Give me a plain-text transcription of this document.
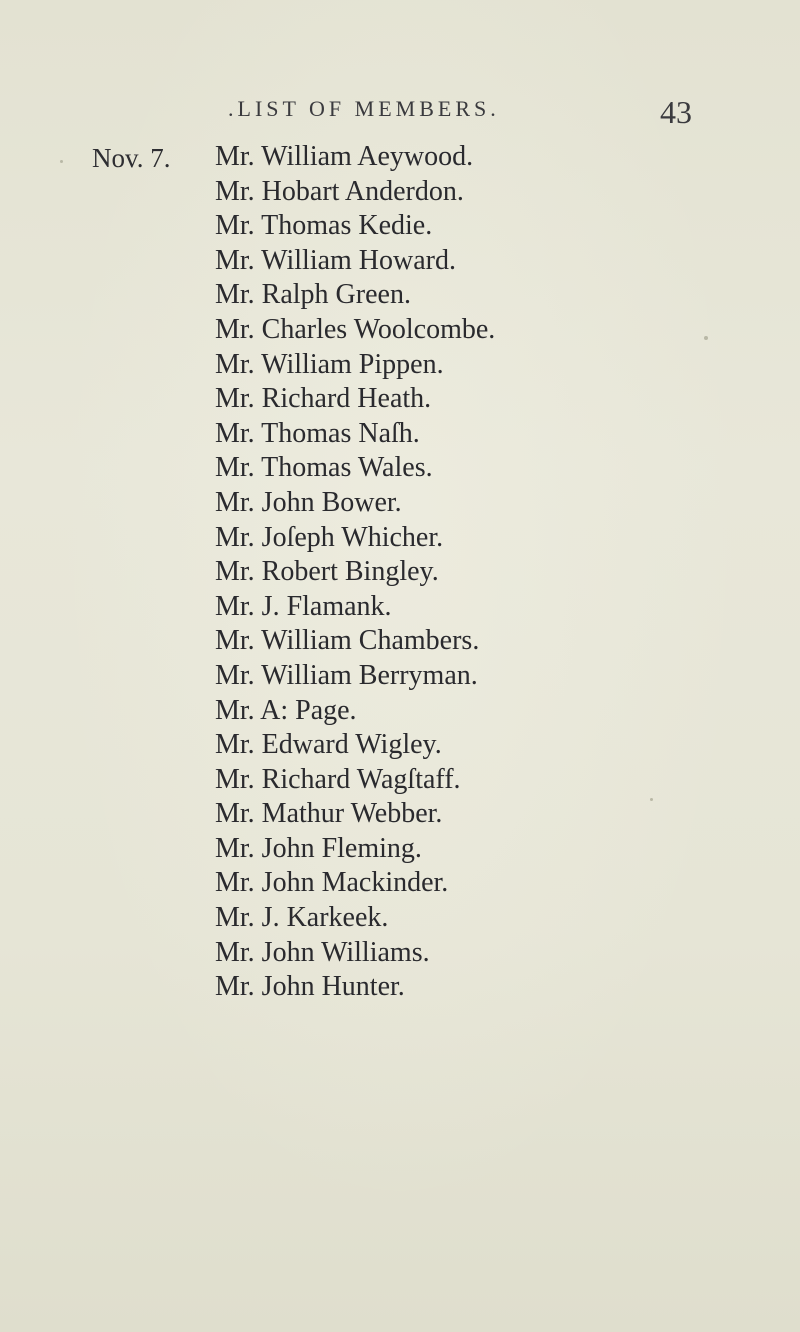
.LIST OF MEMBERS.	43
Nov. 7. Mr. William Aeywood.
Mr. Hobart Anderdon.
Mr. Thomas Kedie.
Mr. William Howard.
Mr. Ralph Green.
Mr. Charles Woolcombe.
Mr. William Pippen.
Mr. Richard Heath.
Mr. Thomas Naſh.
Mr. Thomas Wales.
Mr. John Bower.
Mr. Joſeph Whicher.
Mr. Robert Bingley.
Mr. J. Flamank.
Mr. William Chambers.
Mr. William Berryman.
Mr. A: Page.
Mr. Edward Wigley.
Mr. Richard Wagſtaff.
Mr. Mathur Webber.
Mr. John Fleming.
Mr. John Mackinder.
Mr. J. Karkeek.
Mr. John Williams.
Mr. John Hunter.
